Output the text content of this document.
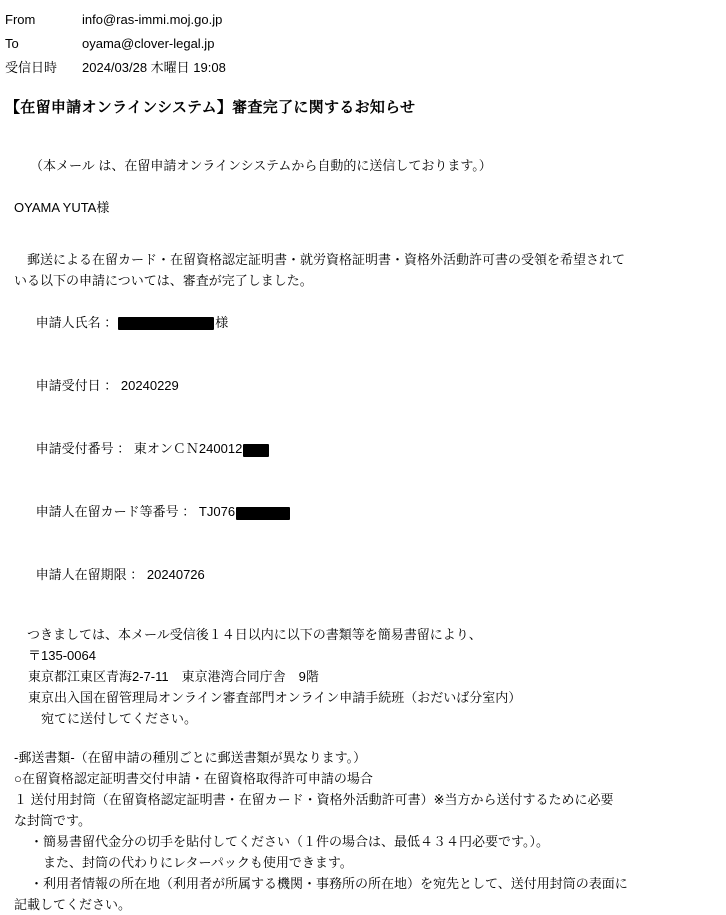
From	info@ras-immi.moj.go.jp
To	oyama@clover-legal.jp
受信日時	2024/03/28 木曜日 19:08
【在留申請オンラインシステム】審査完了に関するお知らせ

（本メール は、在留申請オンラインシステムから自動的に送信しております。）

OYAMA YUTA様

　郵送による在留カード・在留資格認定証明書・就労資格証明書・資格外活動許可書の受領を希望されて

いる以下の申請については、審査が完了しました。

申請人氏名 ：	様

申請受付日 ： 20240229

申請受付番号 ： 東オンＣＮ240012

申請人在留カード等番号 ： TJ076

申請人在留期限 ： 20240726

　つきましては、本メール受信後１４日以内に以下の書類等を簡易書留により、

〒135-0064

東京都江東区青海2-7-11　東京港湾合同庁舎　9階

東京出入国在留管理局オンライン審査部門オンライン申請手続班（おだいば分室内）

　宛てに送付してください。

-郵送書類-（在留申請の種別ごとに郵送書類が異なります。）

○在留資格認定証明書交付申請・在留資格取得許可申請の場合

１ 送付用封筒（在留資格認定証明書・在留カード・資格外活動許可書）※当方から送付するために必要

な封筒です。

・簡易書留代金分の切手を貼付してください（１件の場合は、最低４３４円必要です。）。

　また、封筒の代わりにレターパックも使用できます。

・利用者情報の所在地（利用者が所属する機関・事務所の所在地）を宛先として、送付用封筒の表面に

記載してください。
